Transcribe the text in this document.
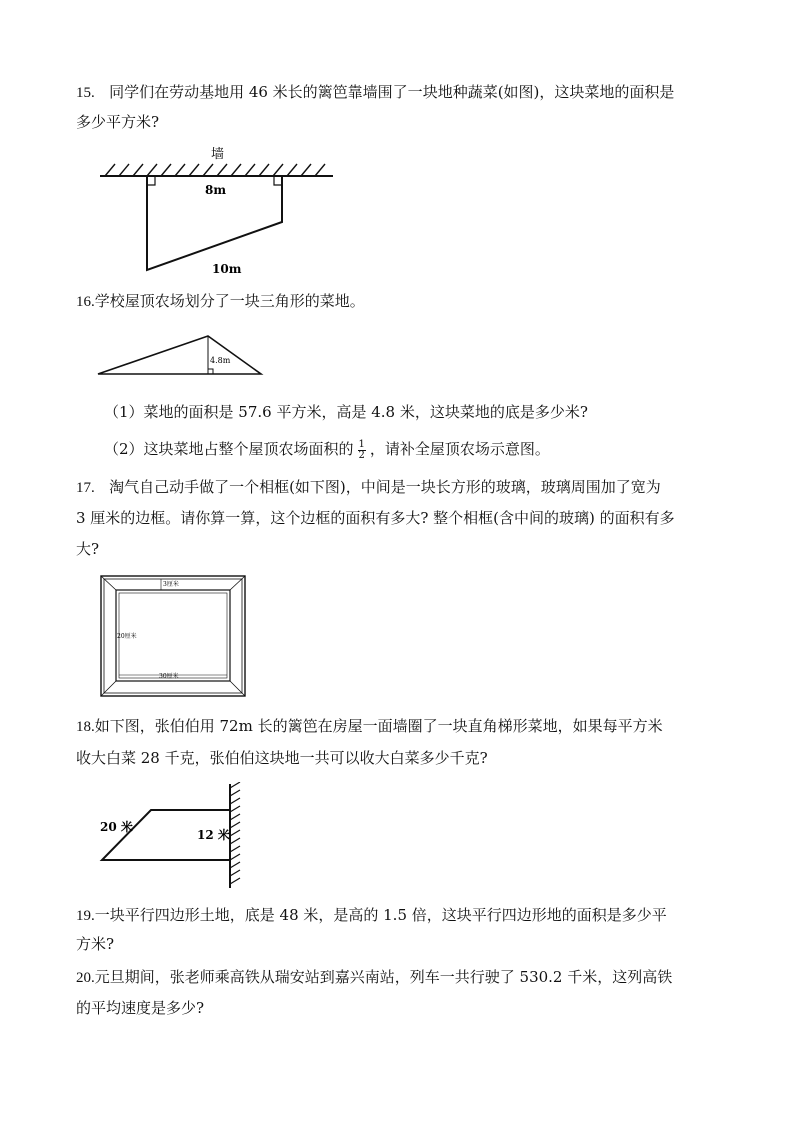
15. 同学们在劳动基地用 46 米长的篱笆靠墙围了一块地种蔬菜(如图)，这块菜地的面积是
多少平方米?
墙
8m
10m
16.学校屋顶农场划分了一块三角形的菜地。
4.8m
（1）菜地的面积是 57.6 平方米，高是 4.8 米，这块菜地的底是多少米?
（2）这块菜地占整个屋顶农场面积的 $\frac{1}{2}$ ，请补全屋顶农场示意图。
17. 淘气自己动手做了一个相框(如下图)，中间是一块长方形的玻璃，玻璃周围加了宽为
3 厘米的边框。请你算一算，这个边框的面积有多大? 整个相框(含中间的玻璃) 的面积有多
大?
3厘米
20厘米
30厘米
18.如下图，张伯伯用 72m 长的篱笆在房屋一面墙圈了一块直角梯形菜地，如果每平方米
收大白菜 28 千克，张伯伯这块地一共可以收大白菜多少千克?
20 米
12 米
19.一块平行四边形土地，底是 48 米，是高的 1.5 倍，这块平行四边形地的面积是多少平
方米?
20.元旦期间，张老师乘高铁从瑞安站到嘉兴南站，列车一共行驶了 530.2 千米，这列高铁
的平均速度是多少?
